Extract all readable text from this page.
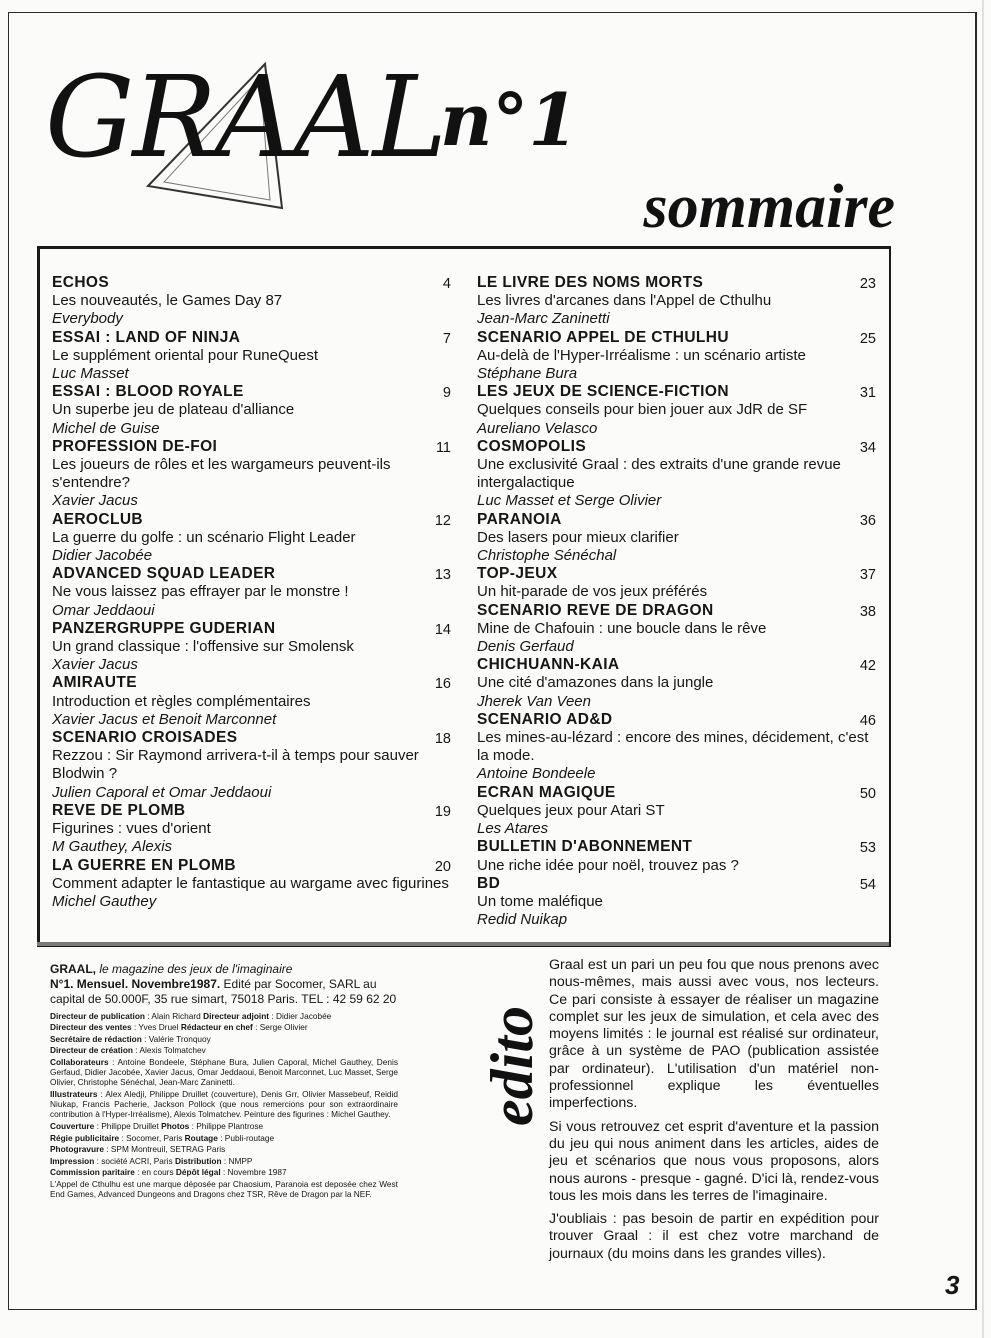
GRAAL
n°1
sommaire
ECHOS	4
Les nouveautés, le Games Day 87
Everybody
ESSAI : LAND OF NINJA	7
Le supplément oriental pour RuneQuest
Luc Masset
ESSAI : BLOOD ROYALE	9
Un superbe jeu de plateau d'alliance
Michel de Guise
PROFESSION DE-FOI	11
Les joueurs de rôles et les wargameurs peuvent-ils s'entendre?
Xavier Jacus
AEROCLUB	12
La guerre du golfe : un scénario Flight Leader
Didier Jacobée
ADVANCED SQUAD LEADER	13
Ne vous laissez pas effrayer par le monstre !
Omar Jeddaoui
PANZERGRUPPE GUDERIAN	14
Un grand classique : l'offensive sur Smolensk
Xavier Jacus
AMIRAUTE	16
Introduction et règles complémentaires
Xavier Jacus et Benoit Marconnet
SCENARIO CROISADES	18
Rezzou : Sir Raymond arrivera-t-il à temps pour sauver Blodwin ?
Julien Caporal et Omar Jeddaoui
REVE DE PLOMB	19
Figurines : vues d'orient
M Gauthey, Alexis
LA GUERRE EN PLOMB	20
Comment adapter le fantastique au wargame avec figurines
Michel Gauthey
LE LIVRE DES NOMS MORTS	23
Les livres d'arcanes dans l'Appel de Cthulhu
Jean-Marc Zaninetti
SCENARIO APPEL DE CTHULHU	25
Au-delà de l'Hyper-Irréalisme : un scénario artiste
Stéphane Bura
LES JEUX DE SCIENCE-FICTION	31
Quelques conseils pour bien jouer aux JdR de SF
Aureliano Velasco
COSMOPOLIS	34
Une exclusivité Graal : des extraits d'une grande revue intergalactique
Luc Masset et Serge Olivier
PARANOIA	36
Des lasers pour mieux clarifier
Christophe Sénéchal
TOP-JEUX	37
Un hit-parade de vos jeux préférés
SCENARIO REVE DE DRAGON	38
Mine de Chafouin : une boucle dans le rêve
Denis Gerfaud
CHICHUANN-KAIA	42
Une cité d'amazones dans la jungle
Jherek Van Veen
SCENARIO AD&D	46
Les mines-au-lézard : encore des mines, décidement, c'est la mode.
Antoine Bondeele
ECRAN MAGIQUE	50
Quelques jeux pour Atari ST
Les Atares
BULLETIN D'ABONNEMENT	53
Une riche idée pour noël, trouvez pas ?
BD	54
Un tome maléfique
Redid Nuikap
GRAAL, le magazine des jeux de l'imaginaire
N°1. Mensuel. Novembre1987. Edité par Socomer, SARL au capital de 50.000F, 35 rue simart, 75018 Paris. TEL : 42 59 62 20

Directeur de publication : Alain Richard Directeur adjoint : Didier Jacobée

Directeur des ventes : Yves Druel Rédacteur en chef : Serge Olivier

Secrétaire de rédaction : Valérie Tronquoy

Directeur de création : Alexis Tolmatchev

Collaborateurs : Antoine Bondeele, Stéphane Bura, Julien Caporal, Michel Gauthey, Denis Gerfaud, Didier Jacobée, Xavier Jacus, Omar Jeddaoui, Benoit Marconnet, Luc Masset, Serge Olivier, Christophe Sénéchal, Jean-Marc Zaninetti.

Illustrateurs : Alex Aledji, Philippe Druillet (couverture), Denis Grr, Olivier Massebeuf, Reidid Niukap, Francis Pacherie, Jackson Pollock (que nous remercions pour son extraordinaire contribution à l'Hyper-Irréalisme), Alexis Tolmatchev. Peinture des figurines : Michel Gauthey.

Couverture : Philippe Druillet Photos : Philippe Plantrose

Régie publicitaire : Socomer, Paris Routage : Publi-routage

Photogravure : SPM Montreuil, SETRAG Paris

Impression : société ACRI, Paris Distribution : NMPP

Commission paritaire : en cours Dépôt légal : Novembre 1987

L'Appel de Cthulhu est une marque déposée par Chaosium, Paranoia est deposée chez West End Games, Advanced Dungeons and Dragons chez TSR, Rêve de Dragon par la NEF.

edito

Graal est un pari un peu fou que nous prenons avec nous-mêmes, mais aussi avec vous, nos lecteurs. Ce pari consiste à essayer de réaliser un magazine complet sur les jeux de simulation, et cela avec des moyens limités : le journal est réalisé sur ordinateur, grâce à un système de PAO (publication assistée par ordinateur). L'utilisation d'un matériel non-professionnel explique les éventuelles imperfections.

Si vous retrouvez cet esprit d'aventure et la passion du jeu qui nous animent dans les articles, aides de jeu et scénarios que nous vous proposons, alors nous aurons - presque - gagné. D'ici là, rendez-vous tous les mois dans les terres de l'imaginaire.

J'oubliais : pas besoin de partir en expédition pour trouver Graal : il est chez votre marchand de journaux (du moins dans les grandes villes).

3
